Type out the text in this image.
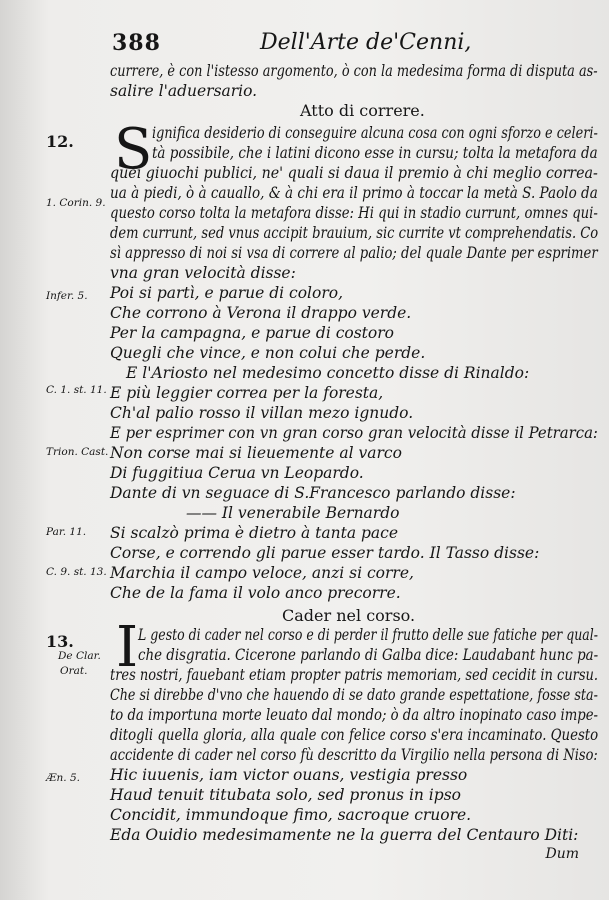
388	Dell'Arte de'Cenni,
currere, è con l'istesso argomento, ò con la medesima forma di disputa as-
salire l'aduersario.
Atto di correre.
12. S ignifica desiderio di conseguire alcuna cosa con ogni sforzo e celeri-
tà possibile, che i latini dicono esse in cursu; tolta la metafora da
quei giuochi publici, ne' quali si daua il premio à chi meglio correa-
ua à piedi, ò à cauallo, & à chi era il primo à toccar la metà S. Paolo da
1. Corin. 9.
questo corso tolta la metafora disse: Hi qui in stadio currunt, omnes qui-
dem currunt, sed vnus accipit brauium, sic currite vt comprehendatis. Co
sì appresso di noi si vsa di correre al palio; del quale Dante per esprimer
vna gran velocità disse:
Infer. 5. Poi si partì, e parue di coloro,
Che corrono à Verona il drappo verde.
Per la campagna, e parue di costoro
Quegli che vince, e non colui che perde.
E l'Ariosto nel medesimo concetto disse di Rinaldo:
C. 1. st. 11. E più leggier correa per la foresta,
Ch'al palio rosso il villan mezo ignudo.
E per esprimer con vn gran corso gran velocità disse il Petrarca:
Trion. Cast. Non corse mai si lieuemente al varco
Di fuggitiua Cerua vn Leopardo.
Dante di vn seguace di S.Francesco parlando disse:
—— Il venerabile Bernardo
Par. 11. Si scalzò prima è dietro à tanta pace
Corse, e correndo gli parue esser tardo. Il Tasso disse:
C. 9. st. 13. Marchia il campo veloce, anzi si corre,
Che de la fama il volo anco precorre.
Cader nel corso.
13. I L gesto di cader nel corso e di perder il frutto delle sue fatiche per qual-
De Clar. che disgratia. Cicerone parlando di Galba dice: Laudabant hunc pa-
Orat. tres nostri, fauebant etiam propter patris memoriam, sed cecidit in cursu.
Che si direbbe d'vno che hauendo di se dato grande espettatione, fosse sta-
to da importuna morte leuato dal mondo; ò da altro inopinato caso impe-
ditogli quella gloria, alla quale con felice corso s'era incaminato. Questo
accidente di cader nel corso fù descritto da Virgilio nella persona di Niso:
Æn. 5. Hic iuuenis, iam victor ouans, vestigia presso
Haud tenuit titubata solo, sed pronus in ipso
Concidit, immundoque fimo, sacroque cruore.
Eda Ouidio medesimamente ne la guerra del Centauro Diti:
Dum
